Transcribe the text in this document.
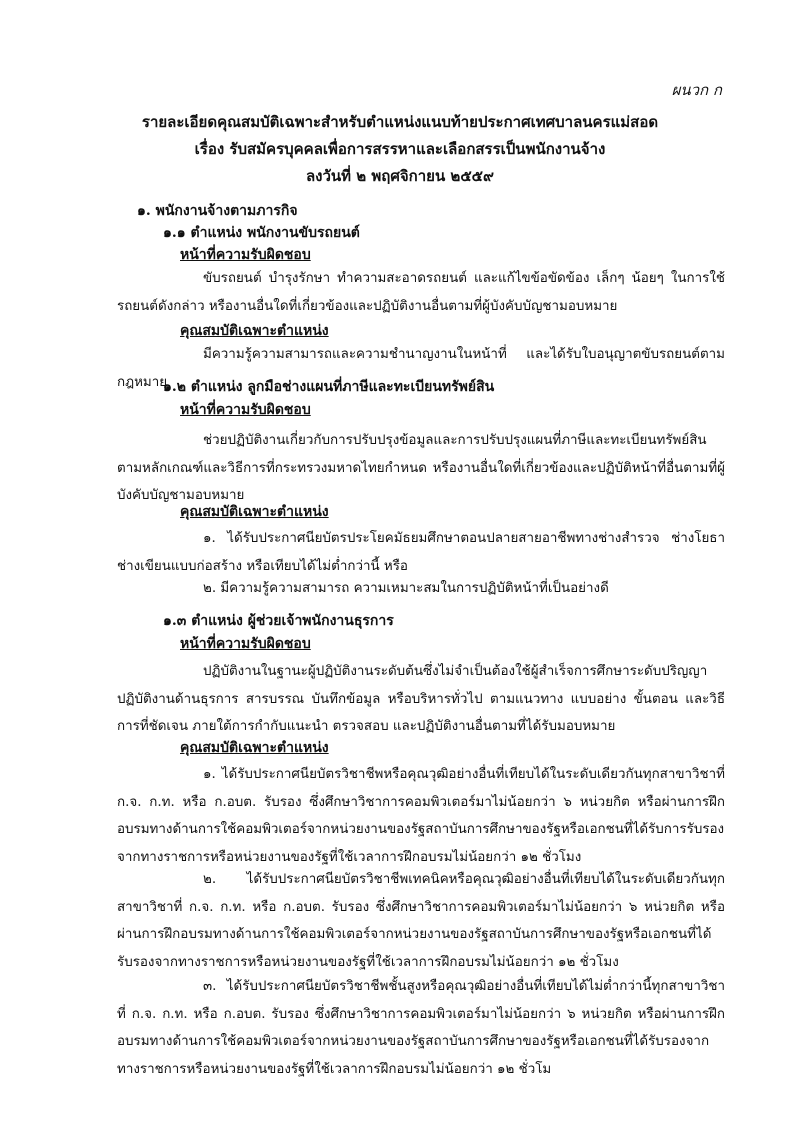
ผนวก ก
รายละเอียดคุณสมบัติเฉพาะสำหรับตำแหน่งแนบท้ายประกาศเทศบาลนครแม่สอด
เรื่อง รับสมัครบุคคลเพื่อการสรรหาและเลือกสรรเป็นพนักงานจ้าง
ลงวันที่ ๒ พฤศจิกายน ๒๕๕๙
๑. พนักงานจ้างตามภารกิจ
๑.๑ ตำแหน่ง พนักงานขับรถยนต์
หน้าที่ความรับผิดชอบ
ขับรถยนต์ บำรุงรักษา ทำความสะอาดรถยนต์ และแก้ไขข้อขัดข้อง เล็กๆ น้อยๆ ในการใช้รถยนต์ดังกล่าว หรืองานอื่นใดที่เกี่ยวข้องและปฏิบัติงานอื่นตามที่ผู้บังคับบัญชามอบหมาย
คุณสมบัติเฉพาะตำแหน่ง
มีความรู้ความสามารถและความชำนาญงานในหน้าที่ และได้รับใบอนุญาตขับรถยนต์ตามกฎหมาย
๑.๒ ตำแหน่ง ลูกมือช่างแผนที่ภาษีและทะเบียนทรัพย์สิน
หน้าที่ความรับผิดชอบ
ช่วยปฏิบัติงานเกี่ยวกับการปรับปรุงข้อมูลและการปรับปรุงแผนที่ภาษีและทะเบียนทรัพย์สิน ตามหลักเกณฑ์และวิธีการที่กระทรวงมหาดไทยกำหนด หรืองานอื่นใดที่เกี่ยวข้องและปฏิบัติหน้าที่อื่นตามที่ผู้บังคับบัญชามอบหมาย
คุณสมบัติเฉพาะตำแหน่ง
๑. ได้รับประกาศนียบัตรประโยคมัธยมศึกษาตอนปลายสายอาชีพทางช่างสำรวจ ช่างโยธา ช่างเขียนแบบก่อสร้าง หรือเทียบได้ไม่ต่ำกว่านี้ หรือ
๒. มีความรู้ความสามารถ ความเหมาะสมในการปฏิบัติหน้าที่เป็นอย่างดี
๑.๓ ตำแหน่ง ผู้ช่วยเจ้าพนักงานธุรการ
หน้าที่ความรับผิดชอบ
ปฏิบัติงานในฐานะผู้ปฏิบัติงานระดับต้นซึ่งไม่จำเป็นต้องใช้ผู้สำเร็จการศึกษาระดับปริญญาปฏิบัติงานด้านธุรการ สารบรรณ บันทึกข้อมูล หรือบริหารทั่วไป ตามแนวทาง แบบอย่าง ขั้นตอน และวิธีการที่ชัดเจน ภายใต้การกำกับแนะนำ ตรวจสอบ และปฏิบัติงานอื่นตามที่ได้รับมอบหมาย
คุณสมบัติเฉพาะตำแหน่ง
๑. ได้รับประกาศนียบัตรวิชาชีพหรือคุณวุฒิอย่างอื่นที่เทียบได้ในระดับเดียวกันทุกสาขาวิชาที่ ก.จ. ก.ท. หรือ ก.อบต. รับรอง ซึ่งศึกษาวิชาการคอมพิวเตอร์มาไม่น้อยกว่า ๖ หน่วยกิต หรือผ่านการฝึกอบรมทางด้านการใช้คอมพิวเตอร์จากหน่วยงานของรัฐสถาบันการศึกษาของรัฐหรือเอกชนที่ได้รับการรับรองจากทางราชการหรือหน่วยงานของรัฐที่ใช้เวลาการฝึกอบรมไม่น้อยกว่า ๑๒ ชั่วโมง
๒. ได้รับประกาศนียบัตรวิชาชีพเทคนิคหรือคุณวุฒิอย่างอื่นที่เทียบได้ในระดับเดียวกันทุกสาขาวิชาที่ ก.จ. ก.ท. หรือ ก.อบต. รับรอง ซึ่งศึกษาวิชาการคอมพิวเตอร์มาไม่น้อยกว่า ๖ หน่วยกิต หรือผ่านการฝึกอบรมทางด้านการใช้คอมพิวเตอร์จากหน่วยงานของรัฐสถาบันการศึกษาของรัฐหรือเอกชนที่ได้รับรองจากทางราชการหรือหน่วยงานของรัฐที่ใช้เวลาการฝึกอบรมไม่น้อยกว่า ๑๒ ชั่วโมง
๓. ได้รับประกาศนียบัตรวิชาชีพชั้นสูงหรือคุณวุฒิอย่างอื่นที่เทียบได้ไม่ต่ำกว่านี้ทุกสาขาวิชาที่ ก.จ. ก.ท. หรือ ก.อบต. รับรอง ซึ่งศึกษาวิชาการคอมพิวเตอร์มาไม่น้อยกว่า ๖ หน่วยกิต หรือผ่านการฝึกอบรมทางด้านการใช้คอมพิวเตอร์จากหน่วยงานของรัฐสถาบันการศึกษาของรัฐหรือเอกชนที่ได้รับรองจากทางราชการหรือหน่วยงานของรัฐที่ใช้เวลาการฝึกอบรมไม่น้อยกว่า ๑๒ ชั่วโม
